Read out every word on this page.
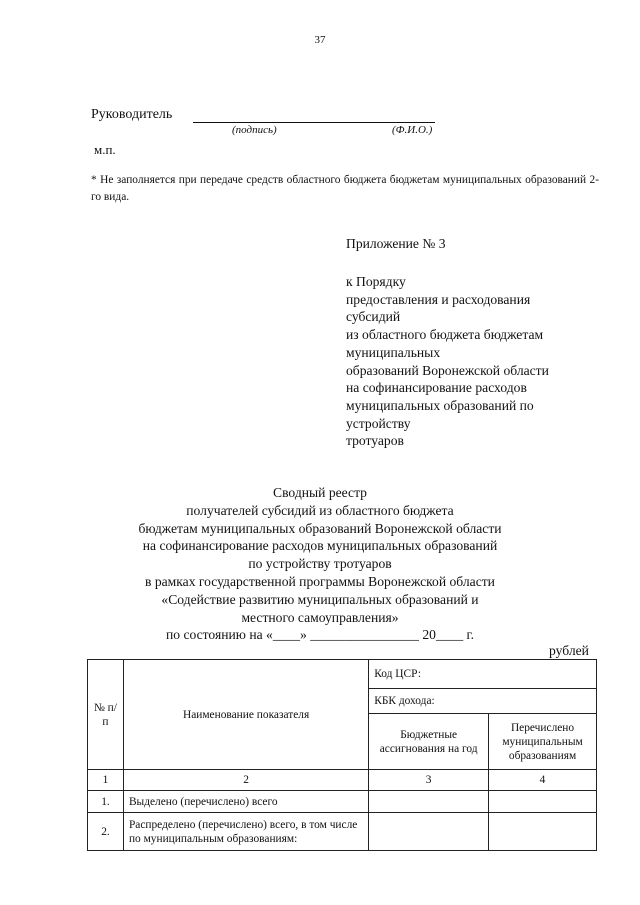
37
Руководитель
(подпись)	(Ф.И.О.)
м.п.
* Не заполняется при передаче средств областного бюджета бюджетам муниципальных образований 2-го вида.
Приложение № 3
к Порядку
предоставления и расходования
субсидий
из областного бюджета бюджетам
муниципальных
образований Воронежской области
на софинансирование расходов
муниципальных образований по
устройству
тротуаров
Сводный реестр
получателей субсидий из областного бюджета
бюджетам муниципальных образований Воронежской области
на софинансирование расходов муниципальных образований
по устройству тротуаров
в рамках государственной программы Воронежской области
«Содействие развитию муниципальных образований и
местного самоуправления»
по состоянию на «____» ________________ 20____ г.
рублей
№ п/п	Наименование показателя	Код ЦСР:	
		КБК дохода:	
		Бюджетные ассигнования на год	Перечислено муниципальным образованиям
1	2	3	4
1.	Выделено (перечислено) всего		
2.	Распределено (перечислено) всего, в том числе по муниципальным образованиям:		
